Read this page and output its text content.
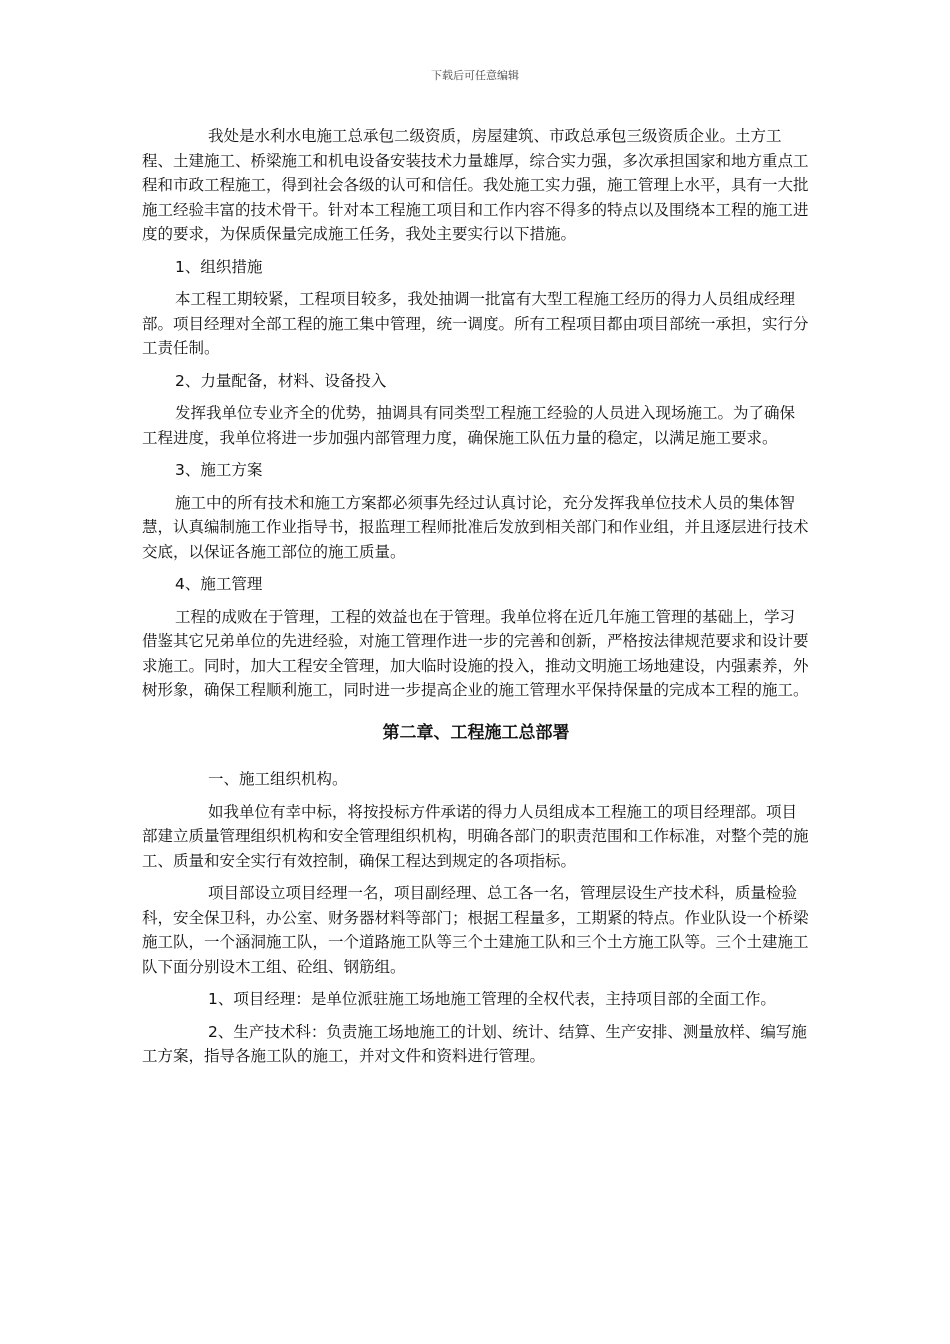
下载后可任意编辑

我处是水利水电施工总承包二级资质，房屋建筑、市政总承包三级资质企业。土方工程、土建施工、桥梁施工和机电设备安装技术力量雄厚，综合实力强，多次承担国家和地方重点工程和市政工程施工，得到社会各级的认可和信任。我处施工实力强，施工管理上水平，具有一大批施工经验丰富的技术骨干。针对本工程施工项目和工作内容不得多的特点以及围绕本工程的施工进度的要求，为保质保量完成施工任务，我处主要实行以下措施。

1、组织措施

本工程工期较紧，工程项目较多，我处抽调一批富有大型工程施工经历的得力人员组成经理部。项目经理对全部工程的施工集中管理，统一调度。所有工程项目都由项目部统一承担，实行分工责任制。

2、力量配备，材料、设备投入

发挥我单位专业齐全的优势，抽调具有同类型工程施工经验的人员进入现场施工。为了确保工程进度，我单位将进一步加强内部管理力度，确保施工队伍力量的稳定，以满足施工要求。

3、施工方案

施工中的所有技术和施工方案都必须事先经过认真讨论，充分发挥我单位技术人员的集体智慧，认真编制施工作业指导书，报监理工程师批准后发放到相关部门和作业组，并且逐层进行技术交底，以保证各施工部位的施工质量。

4、施工管理

工程的成败在于管理，工程的效益也在于管理。我单位将在近几年施工管理的基础上，学习借鉴其它兄弟单位的先进经验，对施工管理作进一步的完善和创新，严格按法律规范要求和设计要求施工。同时，加大工程安全管理，加大临时设施的投入，推动文明施工场地建设，内强素养，外树形象，确保工程顺利施工，同时进一步提高企业的施工管理水平保持保量的完成本工程的施工。

第二章、工程施工总部署

一、施工组织机构。

如我单位有幸中标，将按投标方件承诺的得力人员组成本工程施工的项目经理部。项目部建立质量管理组织机构和安全管理组织机构，明确各部门的职责范围和工作标准，对整个莞的施工、质量和安全实行有效控制，确保工程达到规定的各项指标。

项目部设立项目经理一名，项目副经理、总工各一名，管理层设生产技术科，质量检验科，安全保卫科，办公室、财务器材料等部门；根据工程量多，工期紧的特点。作业队设一个桥梁施工队，一个涵洞施工队，一个道路施工队等三个土建施工队和三个土方施工队等。三个土建施工队下面分别设木工组、砼组、钢筋组。

1、项目经理：是单位派驻施工场地施工管理的全权代表，主持项目部的全面工作。

2、生产技术科：负责施工场地施工的计划、统计、结算、生产安排、测量放样、编写施工方案，指导各施工队的施工，并对文件和资料进行管理。
